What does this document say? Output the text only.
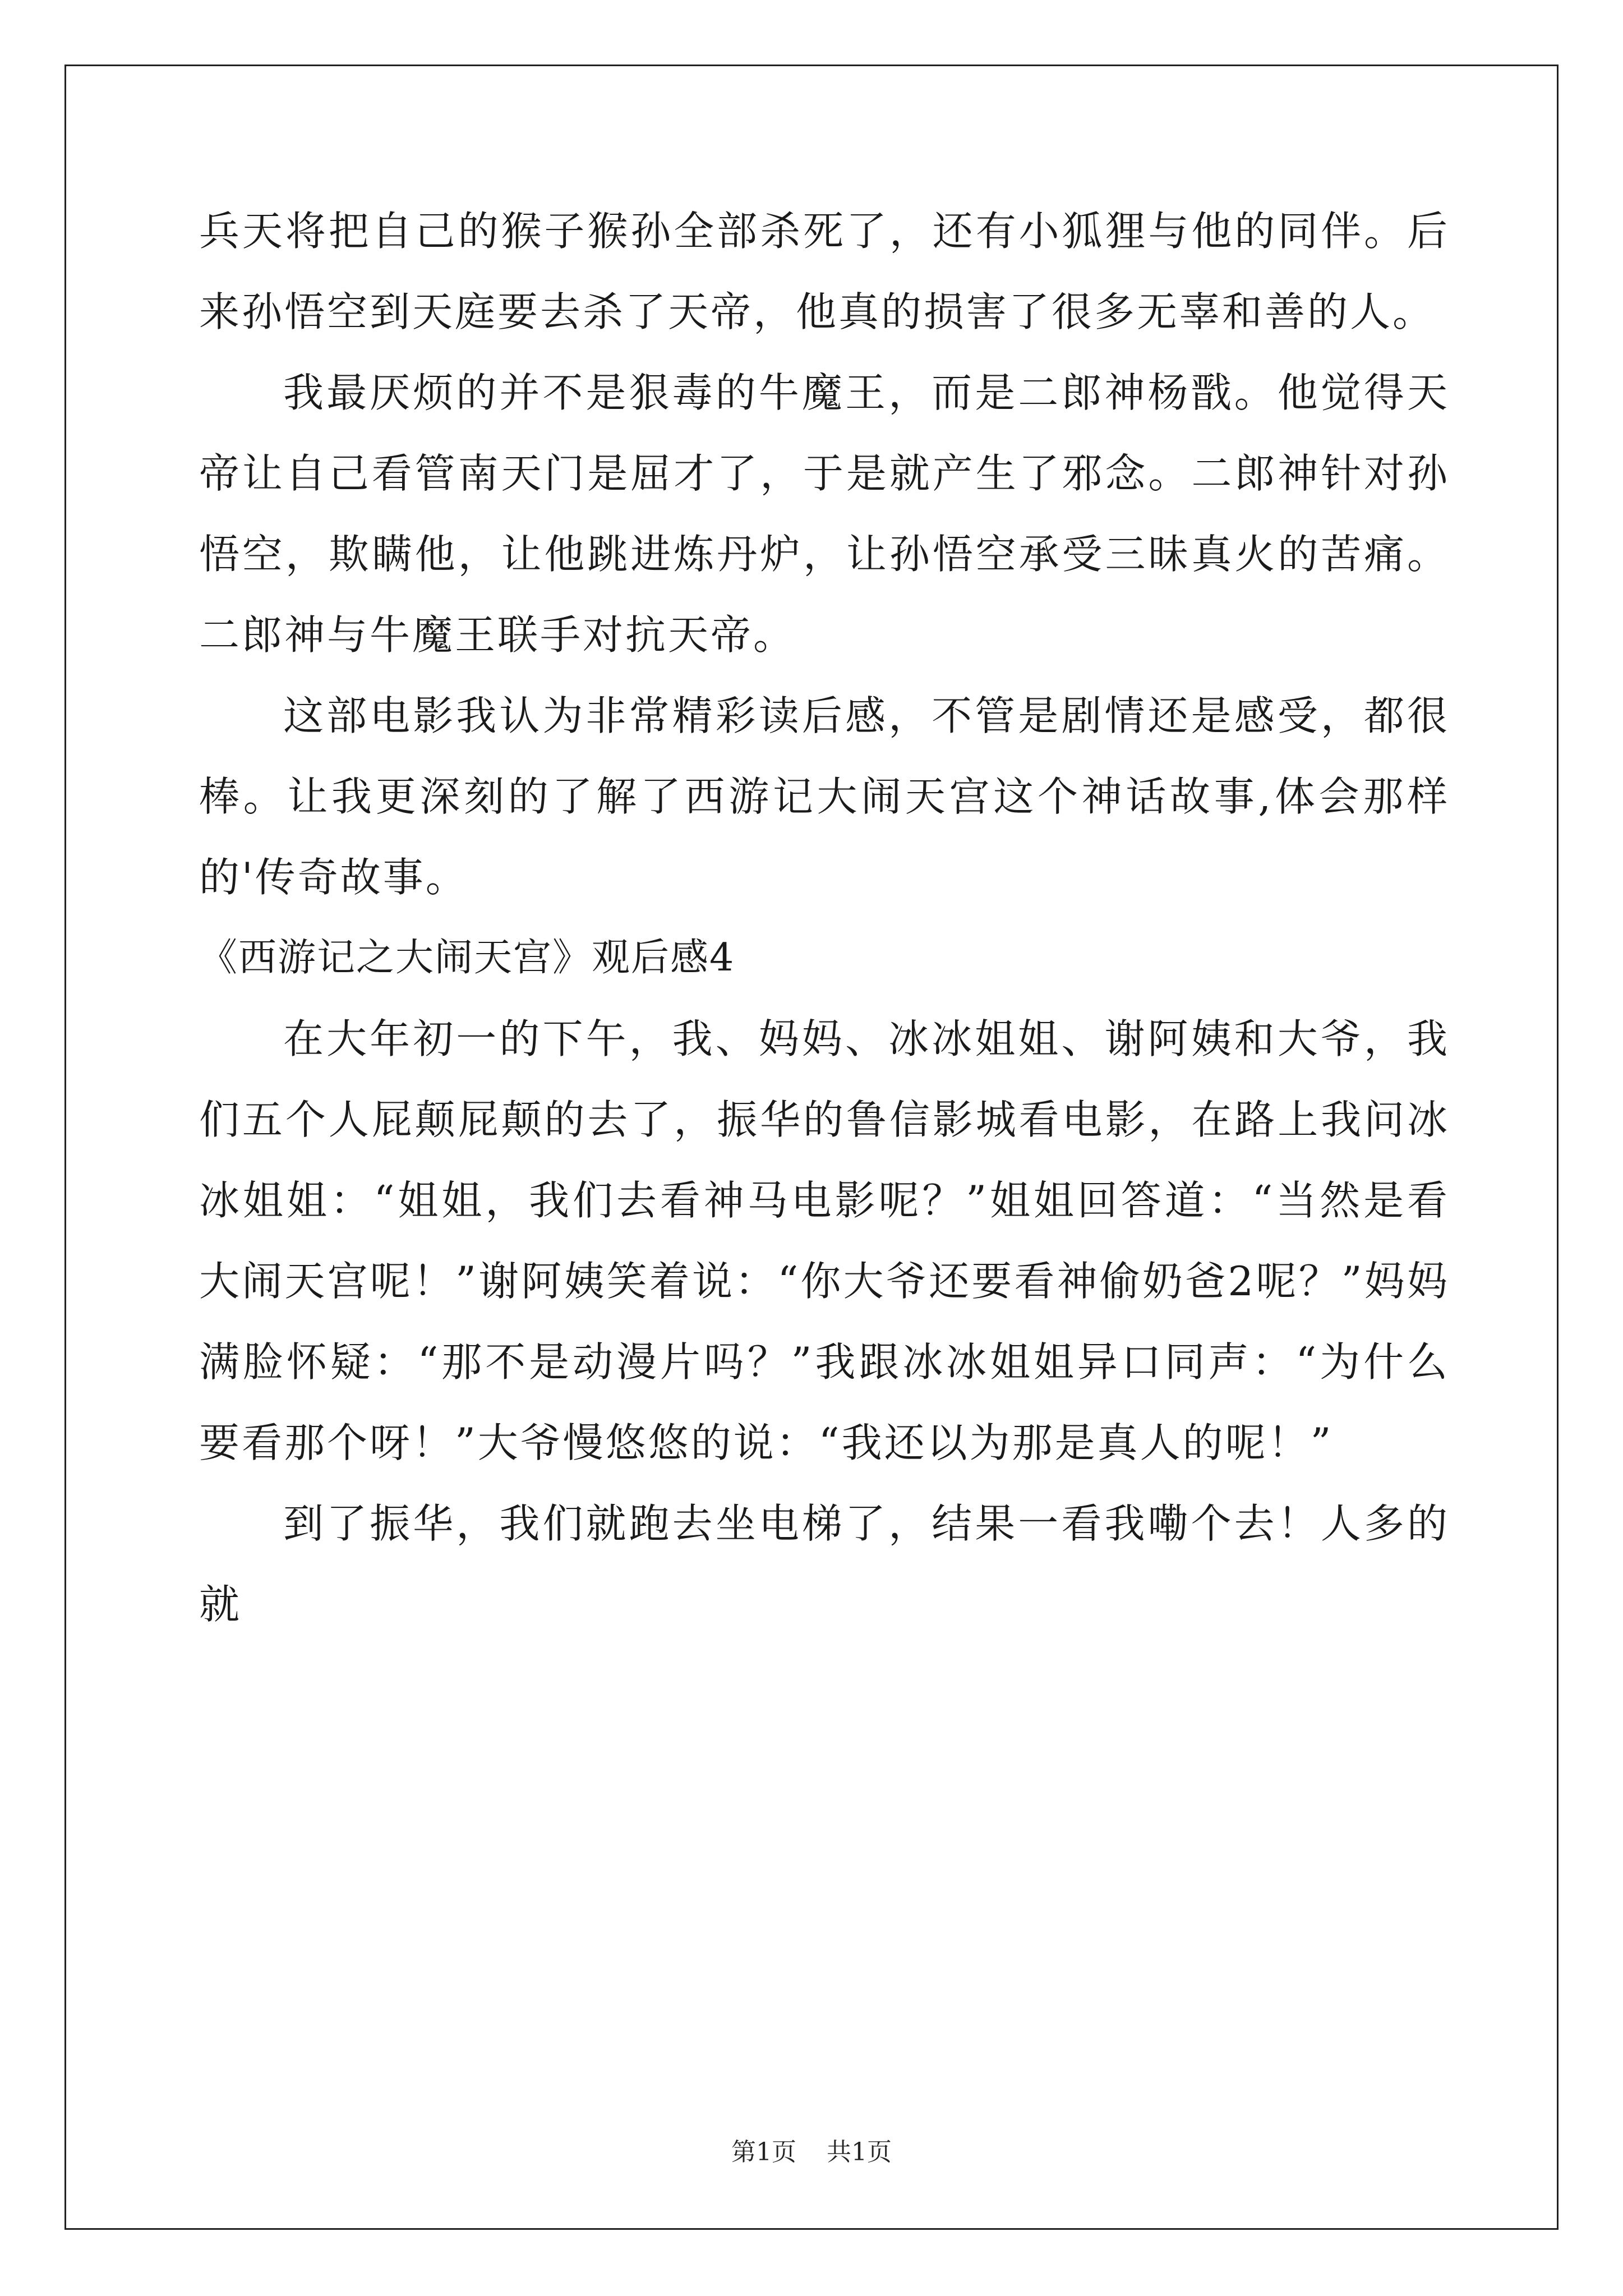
兵天将把自己的猴子猴孙全部杀死了，还有小狐狸与他的同伴。后来孙悟空到天庭要去杀了天帝，他真的损害了很多无辜和善的人。

我最厌烦的并不是狠毒的牛魔王，而是二郎神杨戬。他觉得天帝让自己看管南天门是屈才了，于是就产生了邪念。二郎神针对孙悟空，欺瞒他，让他跳进炼丹炉，让孙悟空承受三昧真火的苦痛。二郎神与牛魔王联手对抗天帝。

这部电影我认为非常精彩读后感，不管是剧情还是感受，都很棒。让我更深刻的了解了西游记大闹天宫这个神话故事,体会那样的'传奇故事。

《西游记之大闹天宫》观后感4

在大年初一的下午，我、妈妈、冰冰姐姐、谢阿姨和大爷，我们五个人屁颠屁颠的去了，振华的鲁信影城看电影，在路上我问冰冰姐姐：“姐姐，我们去看神马电影呢？”姐姐回答道：“当然是看大闹天宫呢！”谢阿姨笑着说：“你大爷还要看神偷奶爸2呢？”妈妈满脸怀疑：“那不是动漫片吗？”我跟冰冰姐姐异口同声：“为什么要看那个呀！”大爷慢悠悠的说：“我还以为那是真人的呢！”

到了振华，我们就跑去坐电梯了，结果一看我嘞个去！人多的就

第1页 共1页
